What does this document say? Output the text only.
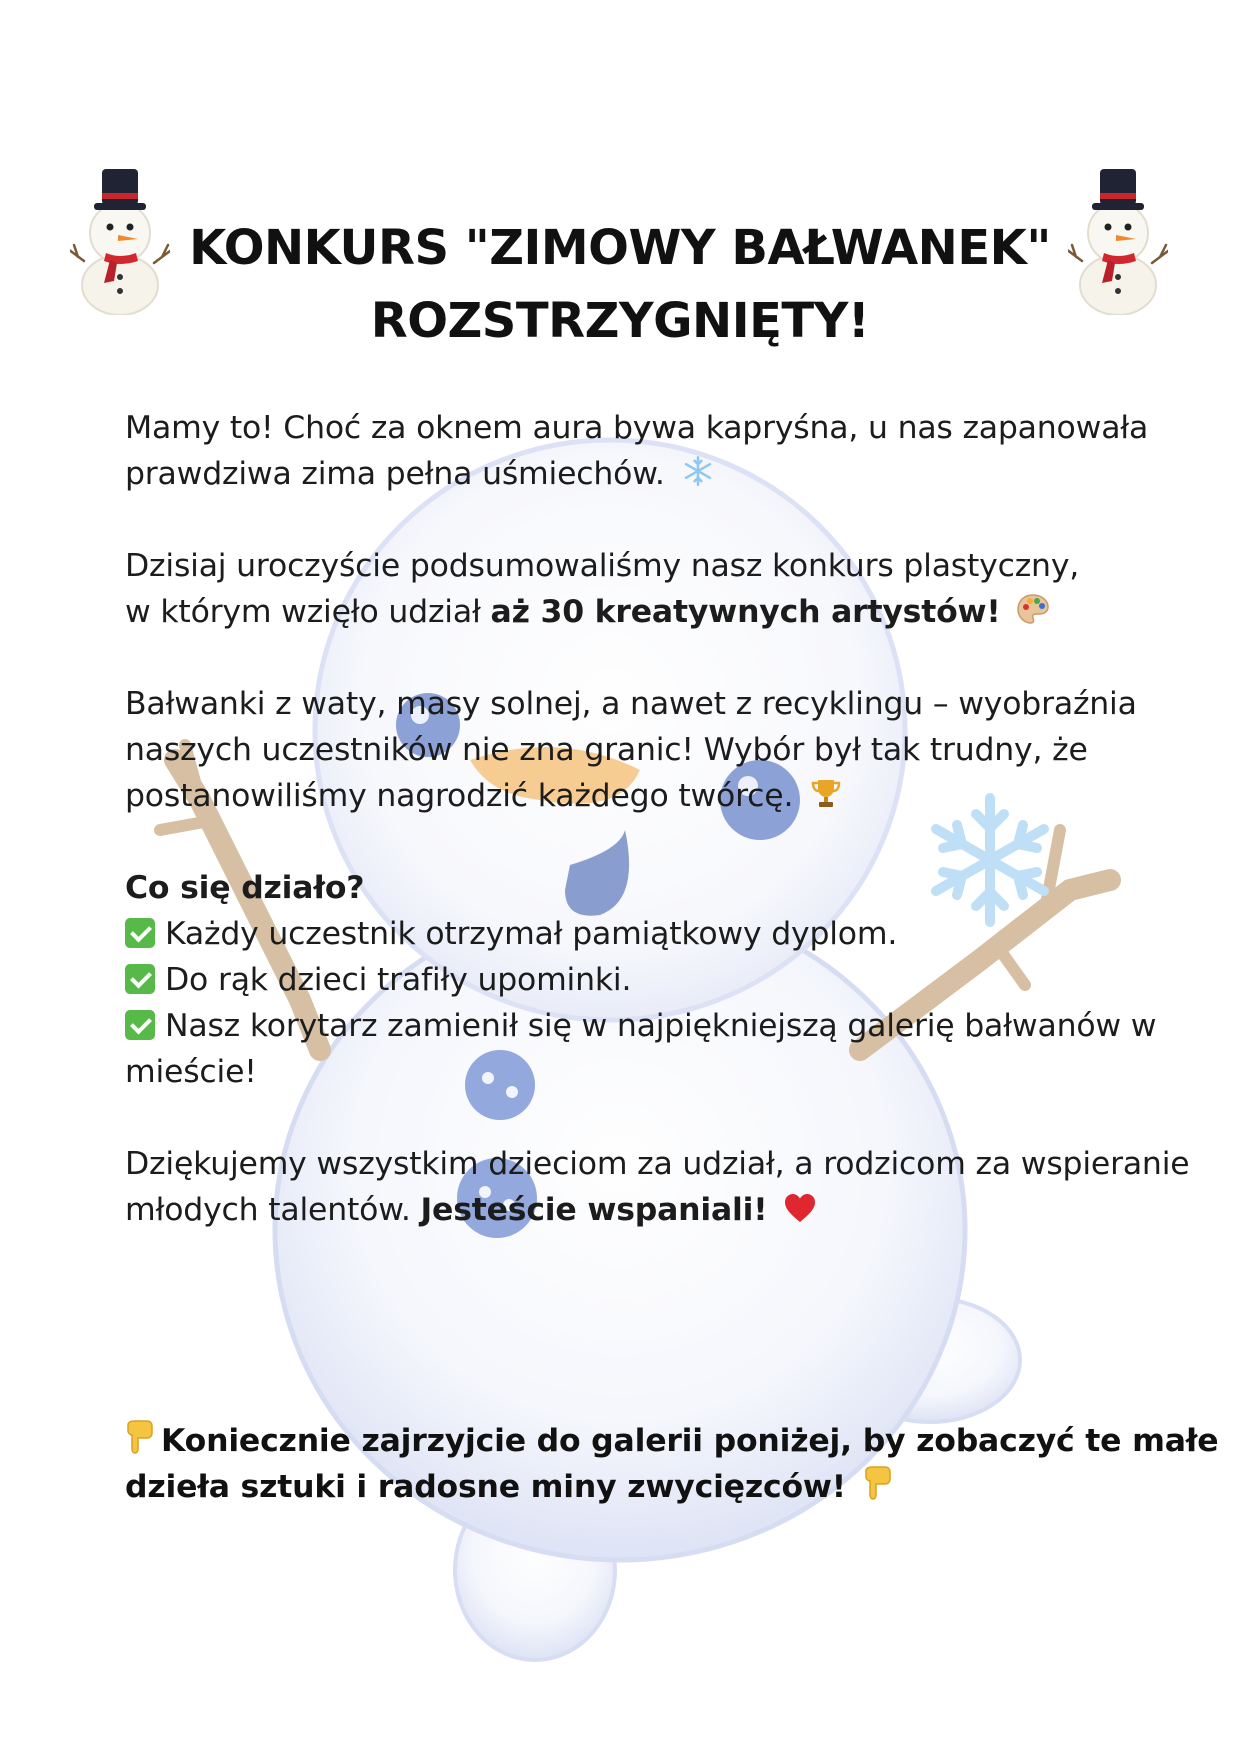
KONKURS "ZIMOWY BAŁWANEK"
ROZSTRZYGNIĘTY!

Mamy to! Choć za oknem aura bywa kapryśna, u nas zapanowała
prawdziwa zima pełna uśmiechów.

Dzisiaj uroczyście podsumowaliśmy nasz konkurs plastyczny,
w którym wzięło udział aż 30 kreatywnych artystów!

Bałwanki z waty, masy solnej, a nawet z recyklingu – wyobraźnia
naszych uczestników nie zna granic! Wybór był tak trudny, że
postanowiliśmy nagrodzić każdego twórcę.

Co się działo?
Każdy uczestnik otrzymał pamiątkowy dyplom.
Do rąk dzieci trafiły upominki.
Nasz korytarz zamienił się w najpiękniejszą galerię bałwanów w
mieście!

Dziękujemy wszystkim dzieciom za udział, a rodzicom za wspieranie
młodych talentów. Jesteście wspaniali!

Koniecznie zajrzyjcie do galerii poniżej, by zobaczyć te małe
dzieła sztuki i radosne miny zwycięzców!
